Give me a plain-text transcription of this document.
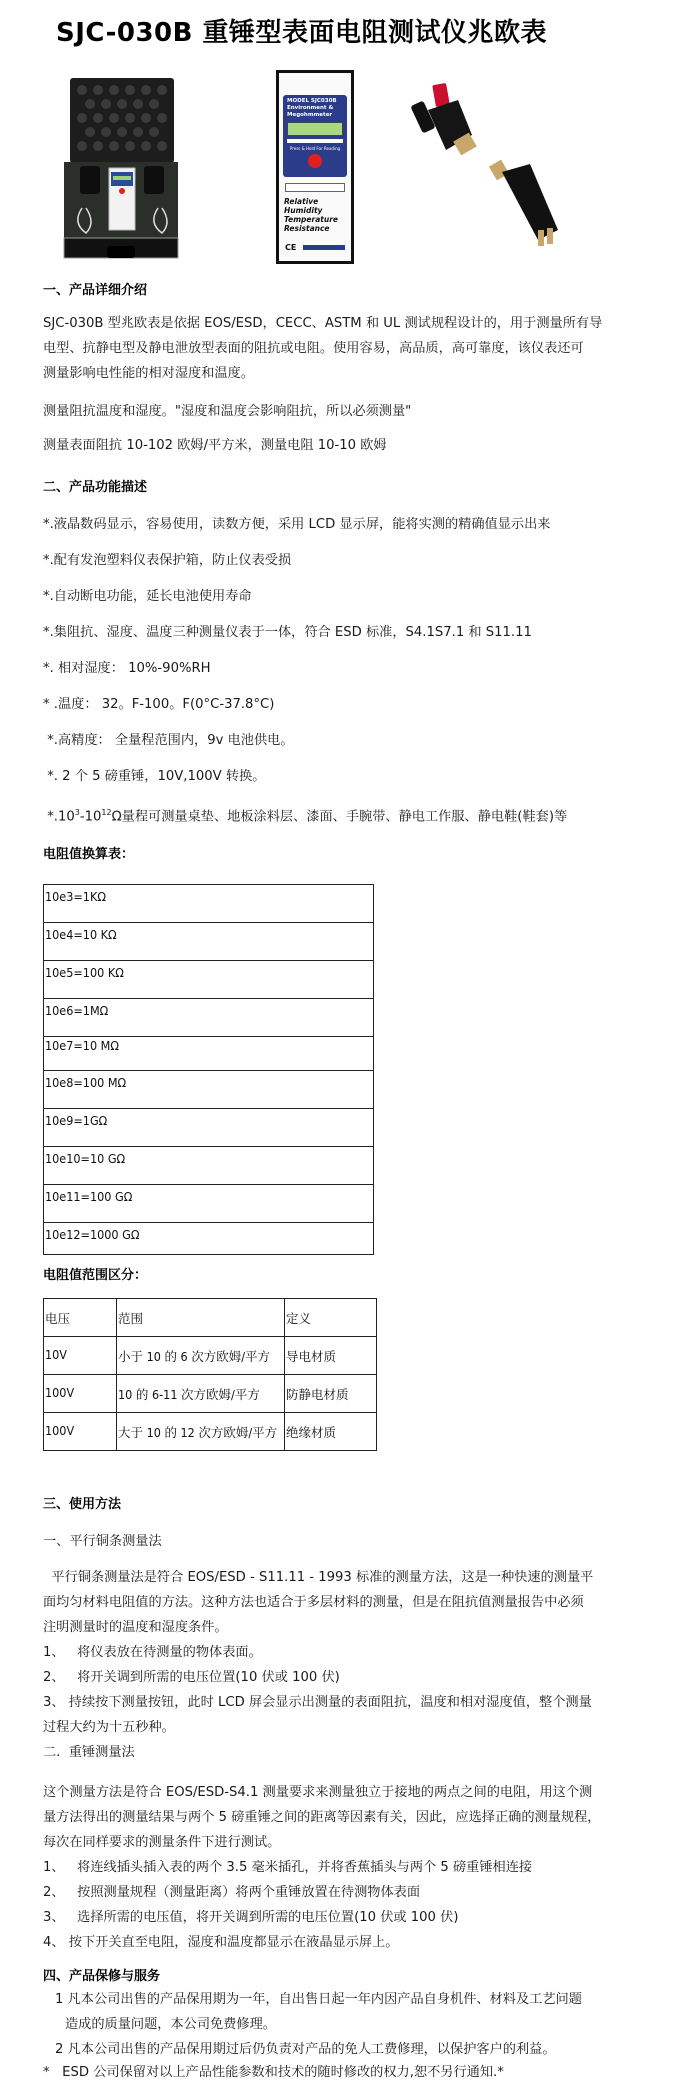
SJC-030B 重锤型表面电阻测试仪兆欧表
MODEL SJC030B
Environment &
Megohmmeter
Press & Hold For Reading
Relative Humidity
Temperature
Resistance
CE
一、产品详细介绍
SJC-030B 型兆欧表是依据 EOS/ESD，CECC、ASTM 和 UL 测试规程设计的，用于测量所有导
电型、抗静电型及静电泄放型表面的阻抗或电阻。使用容易，高品质，高可靠度，该仪表还可
测量影响电性能的相对湿度和温度。
测量阻抗温度和湿度。"湿度和温度会影响阻抗，所以必须测量"
测量表面阻抗 10-102 欧姆/平方米，测量电阻 10-10 欧姆
二、产品功能描述
*.液晶数码显示，容易使用，读数方便，采用 LCD 显示屏，能将实测的精确值显示出来
*.配有发泡塑料仪表保护箱，防止仪表受损
*.自动断电功能，延长电池使用寿命
*.集阻抗、湿度、温度三种测量仪表于一体，符合 ESD 标准，S4.1S7.1 和 S11.11
*. 相对湿度： 10%-90%RH
* .温度： 32。F-100。F(0°C-37.8°C)
*.高精度： 全量程范围内，9v 电池供电。
*. 2 个 5 磅重锤，10V,100V 转换。
$*.10^3-10^{12}\Omega$量程可测量桌垫、地板涂料层、漆面、手腕带、静电工作服、静电鞋(鞋套)等
电阻值换算表：
10e3=1KΩ
10e4=10 KΩ
10e5=100 KΩ
10e6=1MΩ
10e7=10 MΩ
10e8=100 MΩ
10e9=1GΩ
10e10=10 GΩ
10e11=100 GΩ
10e12=1000 GΩ
电阻值范围区分：
电压	范围	定义
10V	小于 10 的 6 次方欧姆/平方	导电材质
100V	10 的 6-11 次方欧姆/平方	防静电材质
100V	大于 10 的 12 次方欧姆/平方	绝缘材质
三、使用方法
一、平行铜条测量法
平行铜条测量法是符合 EOS/ESD - S11.11 - 1993 标准的测量方法，这是一种快速的测量平
面均匀材料电阻值的方法。这种方法也适合于多层材料的测量，但是在阻抗值测量报告中必须
注明测量时的温度和湿度条件。
1、   将仪表放在待测量的物体表面。
2、   将开关调到所需的电压位置(10 伏或 100 伏)
3、 持续按下测量按钮，此时 LCD 屏会显示出测量的表面阻抗，温度和相对湿度值，整个测量
过程大约为十五秒种。
二.  重锤测量法
这个测量方法是符合 EOS/ESD-S4.1 测量要求来测量独立于接地的两点之间的电阻，用这个测
量方法得出的测量结果与两个 5 磅重锤之间的距离等因素有关，因此，应选择正确的测量规程，
每次在同样要求的测量条件下进行测试。
1、   将连线插头插入表的两个 3.5 毫米插孔，并将香蕉插头与两个 5 磅重锤相连接
2、   按照测量规程（测量距离）将两个重锤放置在待测物体表面
3、   选择所需的电压值，将开关调到所需的电压位置(10 伏或 100 伏)
4、 按下开关直至电阻，湿度和温度都显示在液晶显示屏上。
四、产品保修与服务
1 凡本公司出售的产品保用期为一年，自出售日起一年内因产品自身机件、材料及工艺问题
造成的质量问题，本公司免费修理。
2 凡本公司出售的产品保用期过后仍负责对产品的免人工费修理，以保护客户的利益。
*   ESD 公司保留对以上产品性能参数和技术的随时修改的权力,恕不另行通知.*
